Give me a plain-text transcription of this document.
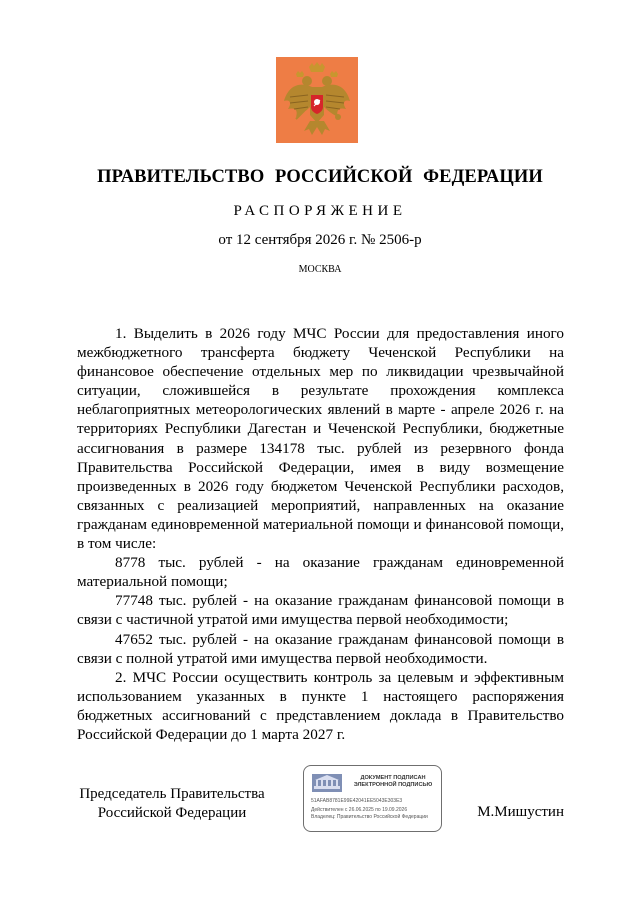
ПРАВИТЕЛЬСТВО РОССИЙСКОЙ ФЕДЕРАЦИИ
РАСПОРЯЖЕНИЕ
от 12 сентября 2026 г. № 2506-р
МОСКВА

1. Выделить в 2026 году МЧС России для предоставления иного межбюджетного трансферта бюджету Чеченской Республики на финансовое обеспечение отдельных мер по ликвидации чрезвычайной ситуации, сложившейся в результате прохождения комплекса неблагоприятных метеорологических явлений в марте - апреле 2026 г. на территориях Республики Дагестан и Чеченской Республики, бюджетные ассигнования в размере 134178 тыс. рублей из резервного фонда Правительства Российской Федерации, имея в виду возмещение произведенных в 2026 году бюджетом Чеченской Республики расходов, связанных с реализацией мероприятий, направленных на оказание гражданам единовременной материальной помощи и финансовой помощи, в том числе:

8778 тыс. рублей - на оказание гражданам единовременной материальной помощи;

77748 тыс. рублей - на оказание гражданам финансовой помощи в связи с частичной утратой ими имущества первой необходимости;

47652 тыс. рублей - на оказание гражданам финансовой помощи в связи с полной утратой ими имущества первой необходимости.

2. МЧС России осуществить контроль за целевым и эффективным использованием указанных в пункте 1 настоящего распоряжения бюджетных ассигнований с представлением доклада в Правительство Российской Федерации до 1 марта 2027 г.

Председатель Правительства
Российской Федерации
ДОКУМЕНТ ПОДПИСАН
ЭЛЕКТРОННОЙ ПОДПИСЬЮ
51AFAB8781E99E42041EE5043E303E3
Действителен с 26.06.2025 по 19.09.2026
Владелец: Правительство Российской Федерации	М.Мишустин
